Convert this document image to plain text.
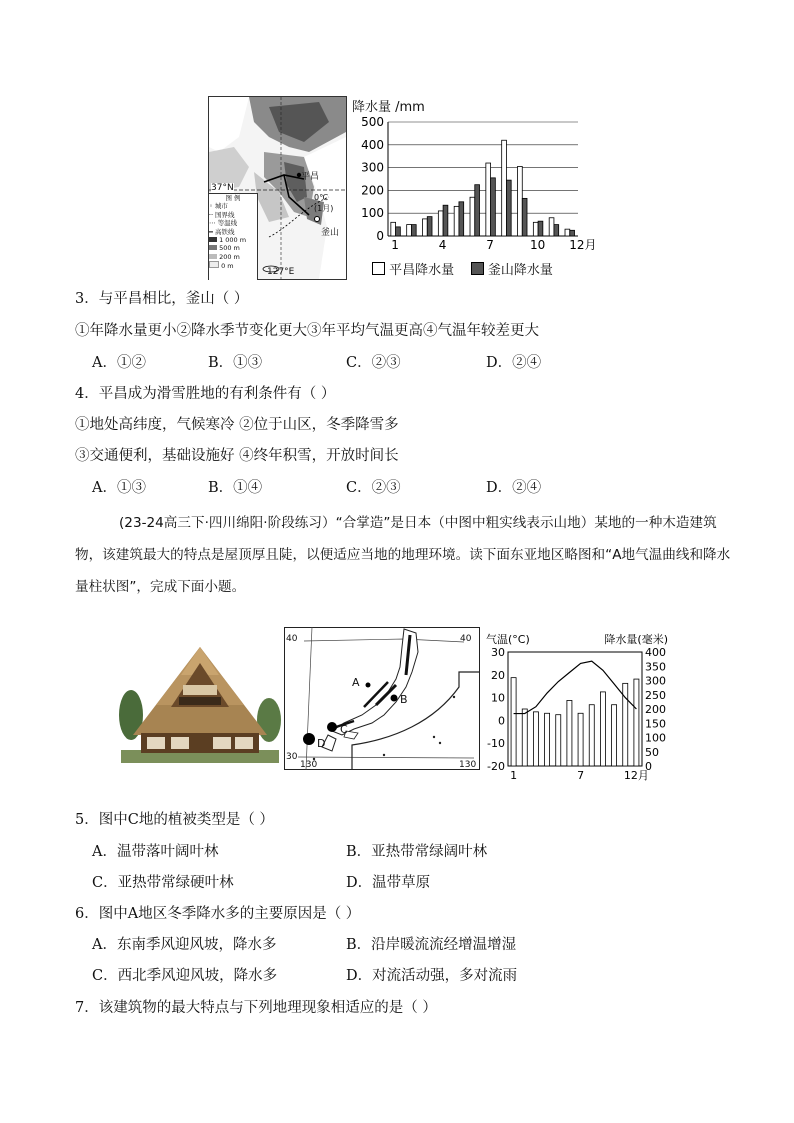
37°N
平昌
0℃
(1月)
釜山
127°E
图 例
◦ 城市
┄ 国界线
⋯ 等温线
━ 高铁线
1 000 m
500 m
200 m
0 m
降水量 /mm
0
100
200
300
400
500
1	4	7	10 12月
平昌降水量	釜山降水量
3．与平昌相比，釜山（ ）
①年降水量更小②降水季节变化更大③年平均气温更高④气温年较差更大
A．①②	B．①③	C．②③	D．②④
4．平昌成为滑雪胜地的有利条件有（ ）
①地处高纬度，气候寒冷 ②位于山区，冬季降雪多
③交通便利，基础设施好 ④终年积雪，开放时间长
A．①③	B．①④	C．②③	D．②④
(23-24高三下·四川绵阳·阶段练习）“合掌造”是日本（中图中粗实线表示山地）某地的一种木造建筑物，该建筑最大的特点是屋顶厚且陡，以便适应当地的地理环境。读下面东亚地区略图和“A地气温曲线和降水量柱状图”，完成下面小题。
40	40
30
130	130
A
B
C
D
气温(°C)	降水量(毫米)
-20
-10
0
10
20
30
0
50
100
150
200
250
300
350
400
1	7	12月
5．图中C地的植被类型是（ ）
A．温带落叶阔叶林	B．亚热带常绿阔叶林
C．亚热带常绿硬叶林	D．温带草原
6．图中A地区冬季降水多的主要原因是（ ）
A．东南季风迎风坡，降水多	B．沿岸暖流流经增温增湿
C．西北季风迎风坡，降水多	D．对流活动强，多对流雨
7．该建筑物的最大特点与下列地理现象相适应的是（ ）
